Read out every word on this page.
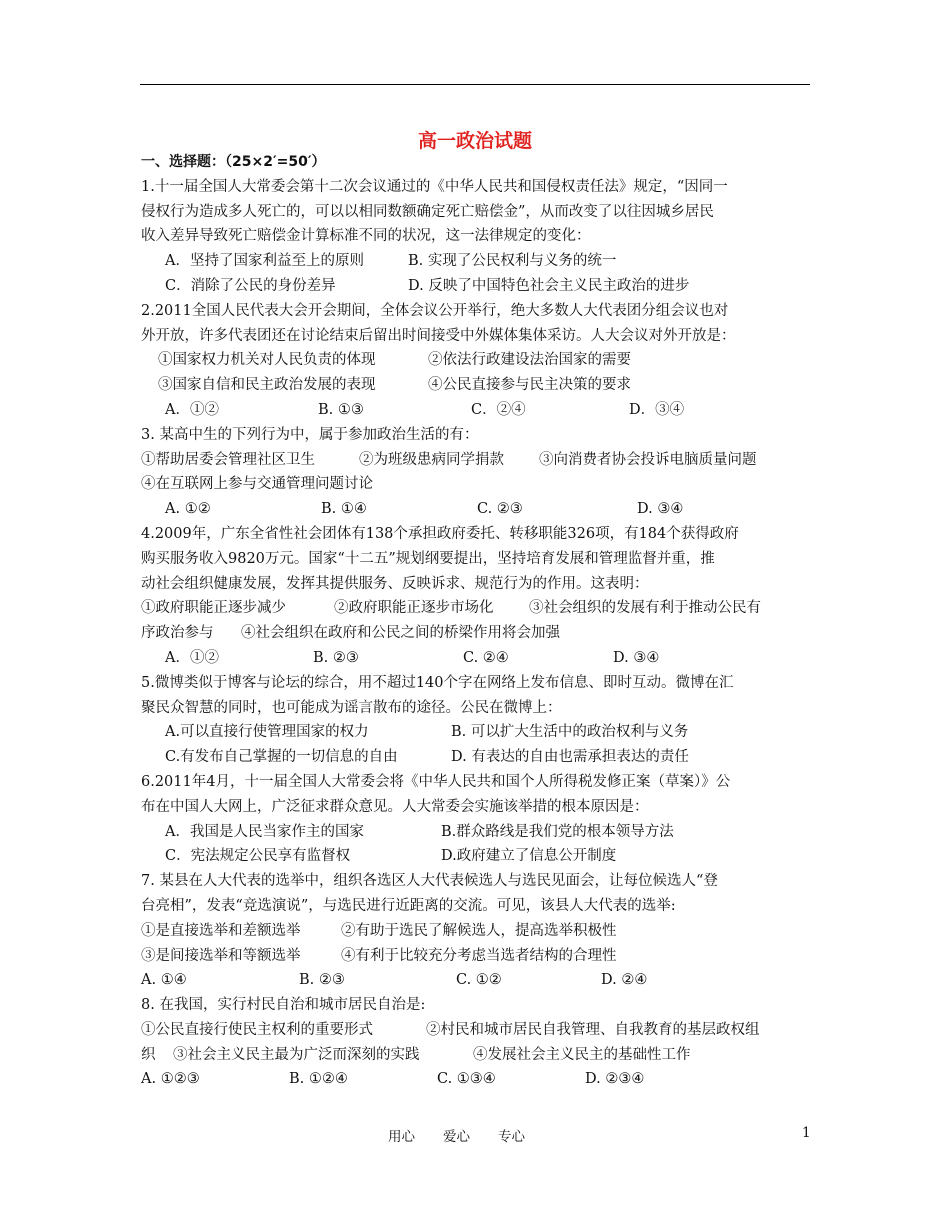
高一政治试题
一、选择题：（25×2′=50′）
1.十一届全国人大常委会第十二次会议通过的《中华人民共和国侵权责任法》规定，“因同一
侵权行为造成多人死亡的，可以以相同数额确定死亡赔偿金”，从而改变了以往因城乡居民
收入差异导致死亡赔偿金计算标准不同的状况，这一法律规定的变化：
A．坚持了国家利益至上的原则	B. 实现了公民权利与义务的统一
C．消除了公民的身份差异	D. 反映了中国特色社会主义民主政治的进步
2.2011全国人民代表大会开会期间，全体会议公开举行，绝大多数人大代表团分组会议也对
外开放，许多代表团还在讨论结束后留出时间接受中外媒体集体采访。人大会议对外开放是：
①国家权力机关对人民负责的体现	②依法行政建设法治国家的需要
③国家自信和民主政治发展的表现	④公民直接参与民主决策的要求
A．①②	B. ①③	C．②④	D．③④
3. 某高中生的下列行为中，属于参加政治生活的有：
①帮助居委会管理社区卫生	②为班级患病同学捐款 ③向消费者协会投诉电脑质量问题
④在互联网上参与交通管理问题讨论
A. ①②	B. ①④	C. ②③	D. ③④
4.2009年，广东全省性社会团体有138个承担政府委托、转移职能326项，有184个获得政府
购买服务收入9820万元。国家“十二五”规划纲要提出，坚持培育发展和管理监督并重，推
动社会组织健康发展，发挥其提供服务、反映诉求、规范行为的作用。这表明：
①政府职能正逐步减少	②政府职能正逐步市场化 ③社会组织的发展有利于推动公民有
序政治参与 ④社会组织在政府和公民之间的桥梁作用将会加强
A．①②	B. ②③	C. ②④	D. ③④
5.微博类似于博客与论坛的综合，用不超过140个字在网络上发布信息、即时互动。微博在汇
聚民众智慧的同时，也可能成为谣言散布的途径。公民在微博上：
A.可以直接行使管理国家的权力	B. 可以扩大生活中的政治权利与义务
C.有发布自己掌握的一切信息的自由	D. 有表达的自由也需承担表达的责任
6.2011年4月，十一届全国人大常委会将《中华人民共和国个人所得税发修正案（草案）》公
布在中国人大网上，广泛征求群众意见。人大常委会实施该举措的根本原因是：
A．我国是人民当家作主的国家	B.群众路线是我们党的根本领导方法
C．宪法规定公民享有监督权	D.政府建立了信息公开制度
7. 某县在人大代表的选举中，组织各选区人大代表候选人与选民见面会，让每位候选人“登
台亮相”，发表“竞选演说”，与选民进行近距离的交流。可见，该县人大代表的选举:
①是直接选举和差额选举	②有助于选民了解候选人，提高选举积极性
③是间接选举和等额选举	④有利于比较充分考虑当选者结构的合理性
A. ①④	B. ②③	C. ①②	D. ②④
8. 在我国，实行村民自治和城市居民自治是:
①公民直接行使民主权利的重要形式	②村民和城市居民自我管理、自我教育的基层政权组
织 ③社会主义民主最为广泛而深刻的实践	④发展社会主义民主的基础性工作
A. ①②③	B. ①②④	C. ①③④	D. ②③④
用心 爱心 专心	1
